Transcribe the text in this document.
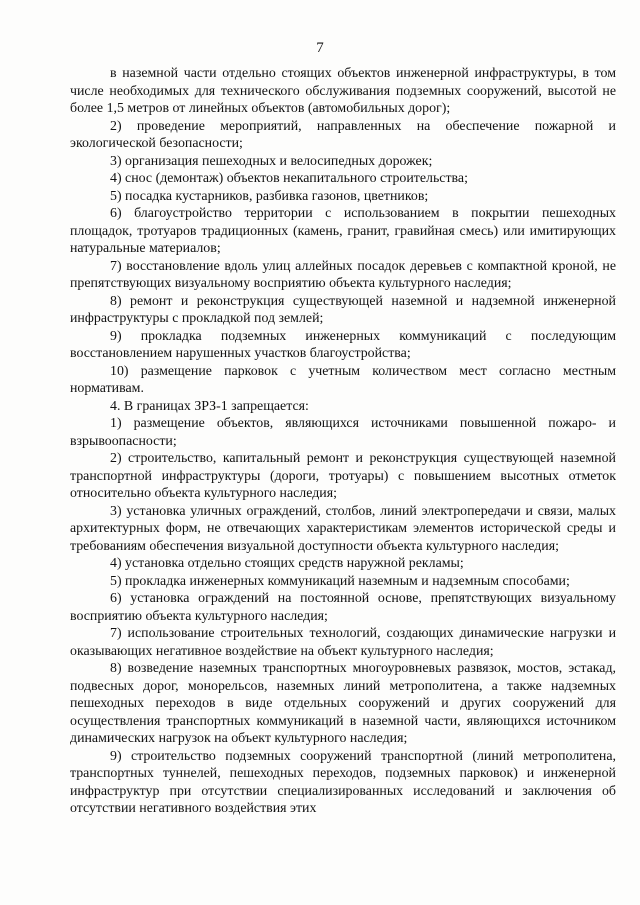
7

в наземной части отдельно стоящих объектов инженерной инфраструктуры, в том числе необходимых для технического обслуживания подземных сооружений, высотой не более 1,5 метров от линейных объектов (автомобильных дорог);

2) проведение мероприятий, направленных на обеспечение пожарной и экологической безопасности;

3) организация пешеходных и велосипедных дорожек;

4) снос (демонтаж) объектов некапитального строительства;

5) посадка кустарников, разбивка газонов, цветников;

6) благоустройство территории с использованием в покрытии пешеходных площадок, тротуаров традиционных (камень, гранит, гравийная смесь) или имитирующих натуральные материалов;

7) восстановление вдоль улиц аллейных посадок деревьев с компактной кроной, не препятствующих визуальному восприятию объекта культурного наследия;

8) ремонт и реконструкция существующей наземной и надземной инженерной инфраструктуры с прокладкой под землей;

9) прокладка подземных инженерных коммуникаций с последующим восстановлением нарушенных участков благоустройства;

10) размещение парковок с учетным количеством мест согласно местным нормативам.

4. В границах ЗРЗ-1 запрещается:

1) размещение объектов, являющихся источниками повышенной пожаро- и взрывоопасности;

2) строительство, капитальный ремонт и реконструкция существующей наземной транспортной инфраструктуры (дороги, тротуары) с повышением высотных отметок относительно объекта культурного наследия;

3) установка уличных ограждений, столбов, линий электропередачи и связи, малых архитектурных форм, не отвечающих характеристикам элементов исторической среды и требованиям обеспечения визуальной доступности объекта культурного наследия;

4) установка отдельно стоящих средств наружной рекламы;

5) прокладка инженерных коммуникаций наземным и надземным способами;

6) установка ограждений на постоянной основе, препятствующих визуальному восприятию объекта культурного наследия;

7) использование строительных технологий, создающих динамические нагрузки и оказывающих негативное воздействие на объект культурного наследия;

8) возведение наземных транспортных многоуровневых развязок, мостов, эстакад, подвесных дорог, монорельсов, наземных линий метрополитена, а также надземных пешеходных переходов в виде отдельных сооружений и других сооружений для осуществления транспортных коммуникаций в наземной части, являющихся источником динамических нагрузок на объект культурного наследия;

9) строительство подземных сооружений транспортной (линий метрополитена, транспортных туннелей, пешеходных переходов, подземных парковок) и инженерной инфраструктур при отсутствии специализированных исследований и заключения об отсутствии негативного воздействия этих
